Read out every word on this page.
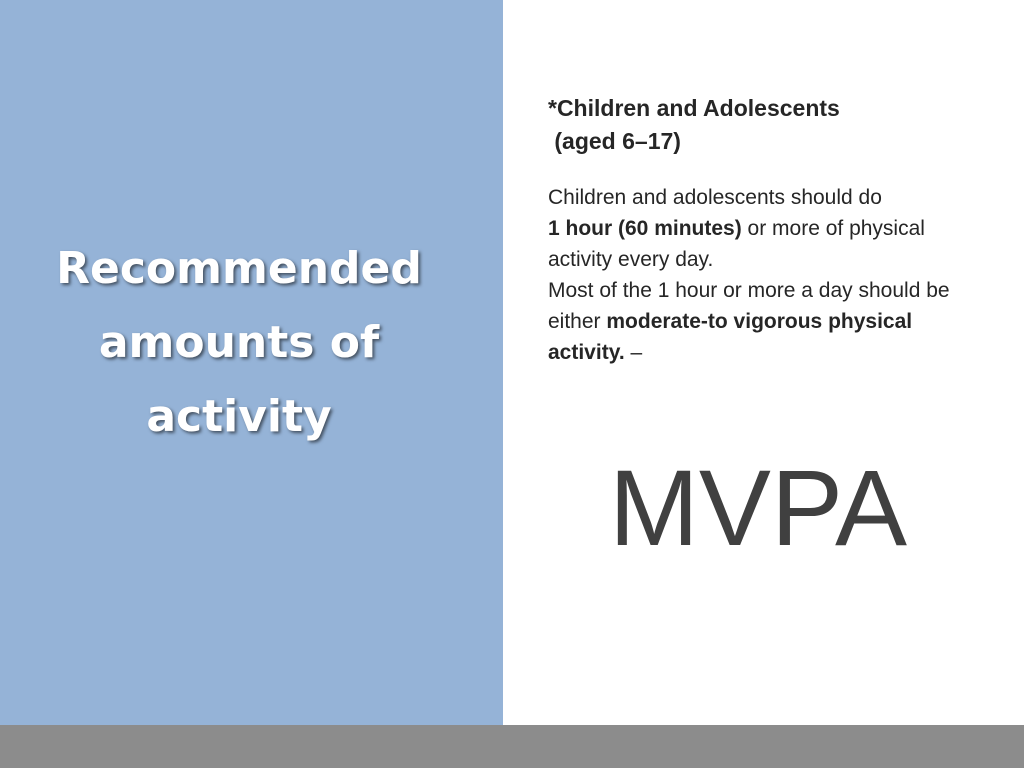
Recommended
amounts of
activity
*Children and Adolescents
(aged 6–17)

Children and adolescents should do
1 hour (60 minutes) or more of physical activity every day.

Most of the 1 hour or more a day should be either moderate-to vigorous physical activity. –

MVPA
